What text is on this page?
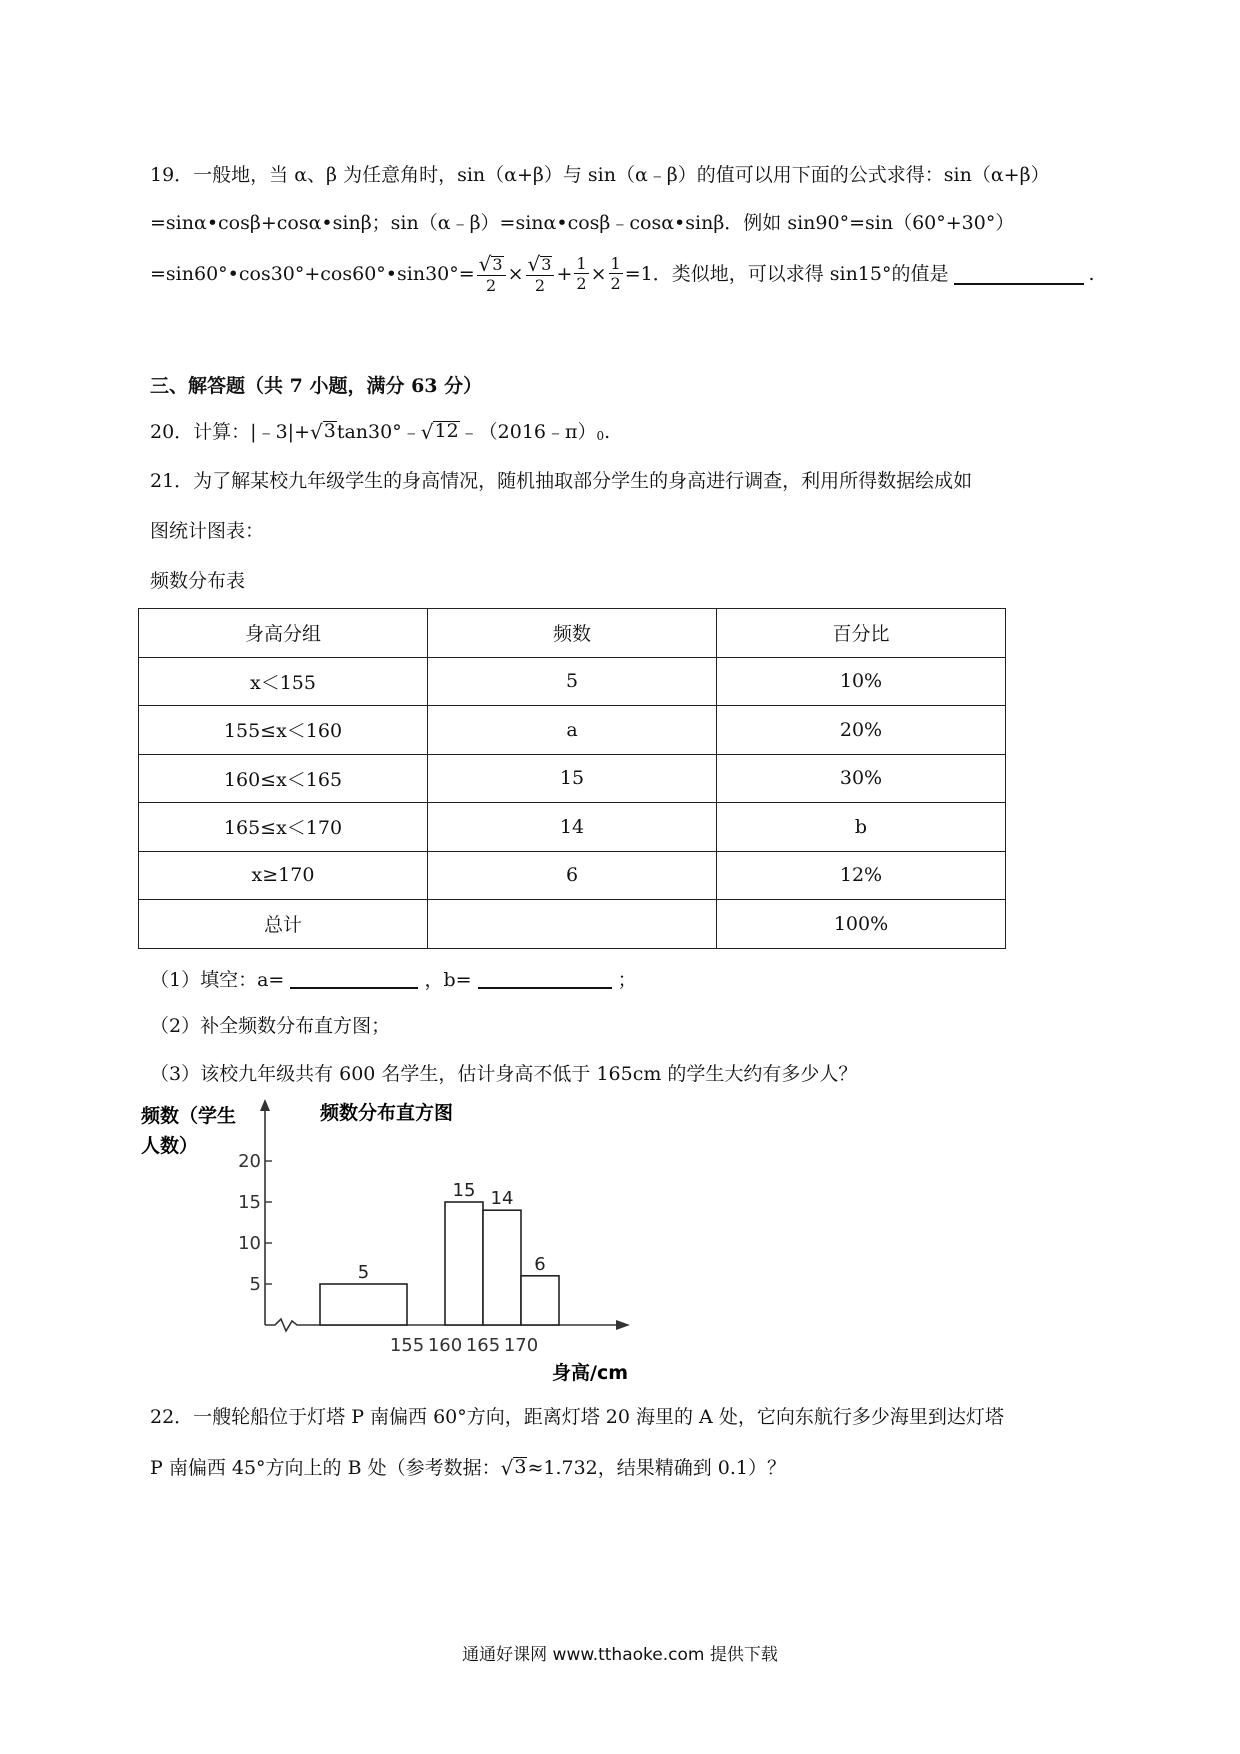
19．一般地，当 α、β 为任意角时，sin（α+β）与 sin（α﹣β）的值可以用下面的公式求得：sin（α+β）
=sinα•cosβ+cosα•sinβ；sin（α﹣β）=sinα•cosβ﹣cosα•sinβ．例如 sin90°=sin（60°+30°）
=sin60°•cos30°+cos60°•sin30°= $\frac{√ 3}{2} \times \frac{√ 3}{2} + \frac{1}{2} \times \frac{1}{2} =1$．类似地，可以求得 sin15°的值是	.
三、解答题（共 7 小题，满分 63 分）
20．计算：|﹣3|+ √ 3 tan30°﹣ √ 12 ﹣（2016﹣π） 0 .
21．为了解某校九年级学生的身高情况，随机抽取部分学生的身高进行调查，利用所得数据绘成如
图统计图表：
频数分布表
身高分组	频数	百分比
x＜155	5	10%
155≤x＜160	a	20%
160≤x＜165	15	30%
165≤x＜170	14	b
x≥170	6	12%
总计		100%
（1）填空：a=	，b=	；
（2）补全频数分布直方图；
（3）该校九年级共有 600 名学生，估计身高不低于 165cm 的学生大约有多少人？
频数（学生
人数）
频数分布直方图
5
10
15
20
155 160 165 170
5
15 14
6
身高/cm
22．一艘轮船位于灯塔 P 南偏西 60°方向，距离灯塔 20 海里的 A 处，它向东航行多少海里到达灯塔
P 南偏西 45°方向上的 B 处（参考数据： √ 3 ≈1.732，结果精确到 0.1）？
通通好课网 www.tthaoke.com 提供下载
